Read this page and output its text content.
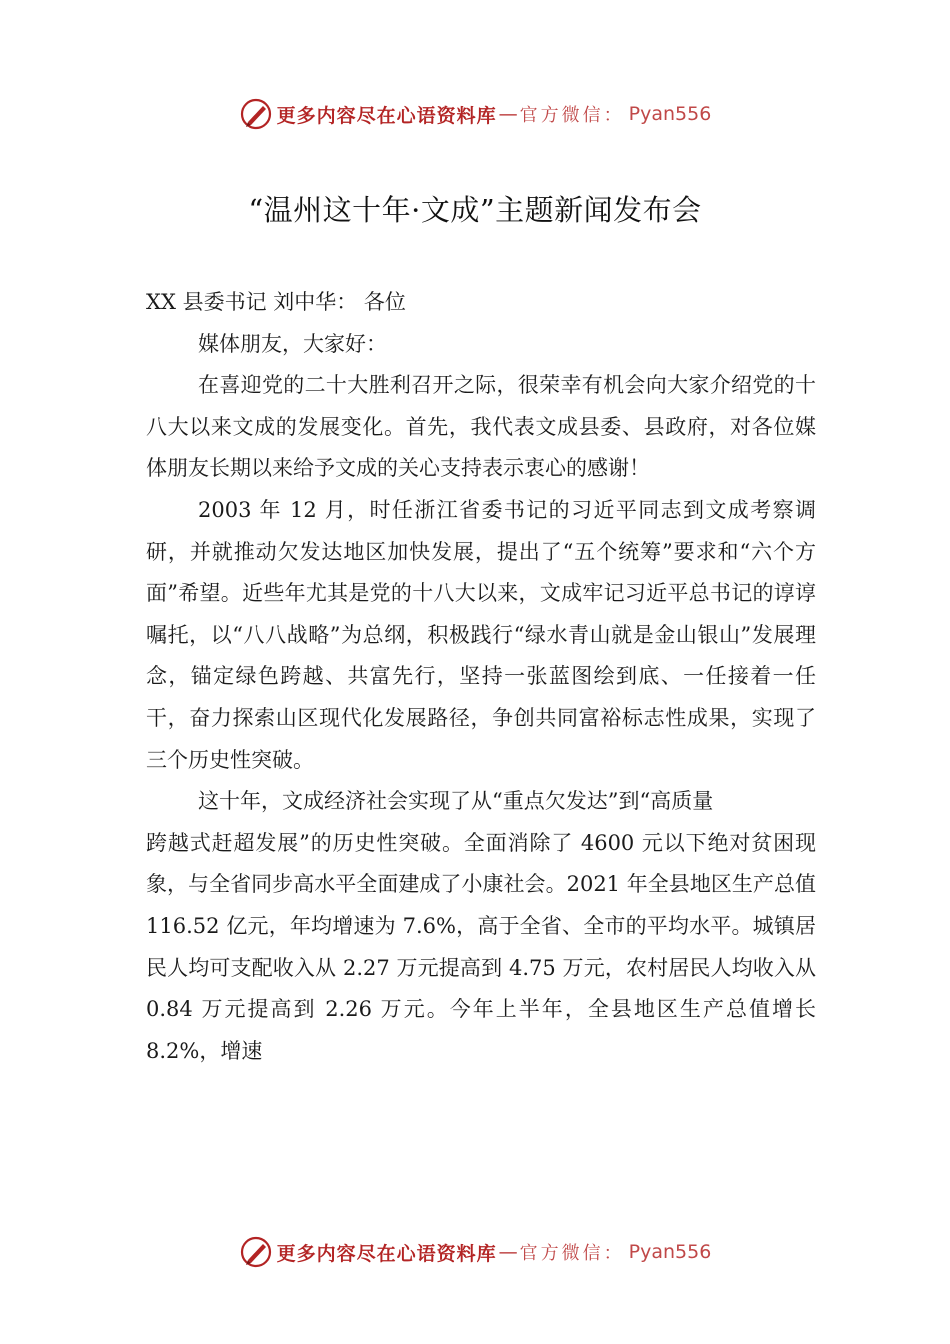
更多内容尽在心语资料库 — 官方微信： Pyan556
“温州这十年·文成”主题新闻发布会

XX 县委书记 刘中华： 各位

媒体朋友，大家好：

在喜迎党的二十大胜利召开之际，很荣幸有机会向大家介绍党的十八大以来文成的发展变化。首先，我代表文成县委、县政府，对各位媒体朋友长期以来给予文成的关心支持表示衷心的感谢！

2003 年 12 月，时任浙江省委书记的习近平同志到文成考察调研，并就推动欠发达地区加快发展，提出了“五个统筹”要求和“六个方面”希望。近些年尤其是党的十八大以来，文成牢记习近平总书记的谆谆嘱托，以“八八战略”为总纲，积极践行“绿水青山就是金山银山”发展理念，锚定绿色跨越、共富先行，坚持一张蓝图绘到底、一任接着一任干，奋力探索山区现代化发展路径，争创共同富裕标志性成果，实现了三个历史性突破。

这十年，文成经济社会实现了从“重点欠发达”到“高质量

跨越式赶超发展”的历史性突破。全面消除了 4600 元以下绝对贫困现象，与全省同步高水平全面建成了小康社会。2021 年全县地区生产总值 116.52 亿元，年均增速为 7.6%，高于全省、全市的平均水平。城镇居民人均可支配收入从 2.27 万元提高到 4.75 万元，农村居民人均收入从 0.84 万元提高到 2.26 万元。今年上半年，全县地区生产总值增长 8.2%，增速

更多内容尽在心语资料库 — 官方微信： Pyan556
